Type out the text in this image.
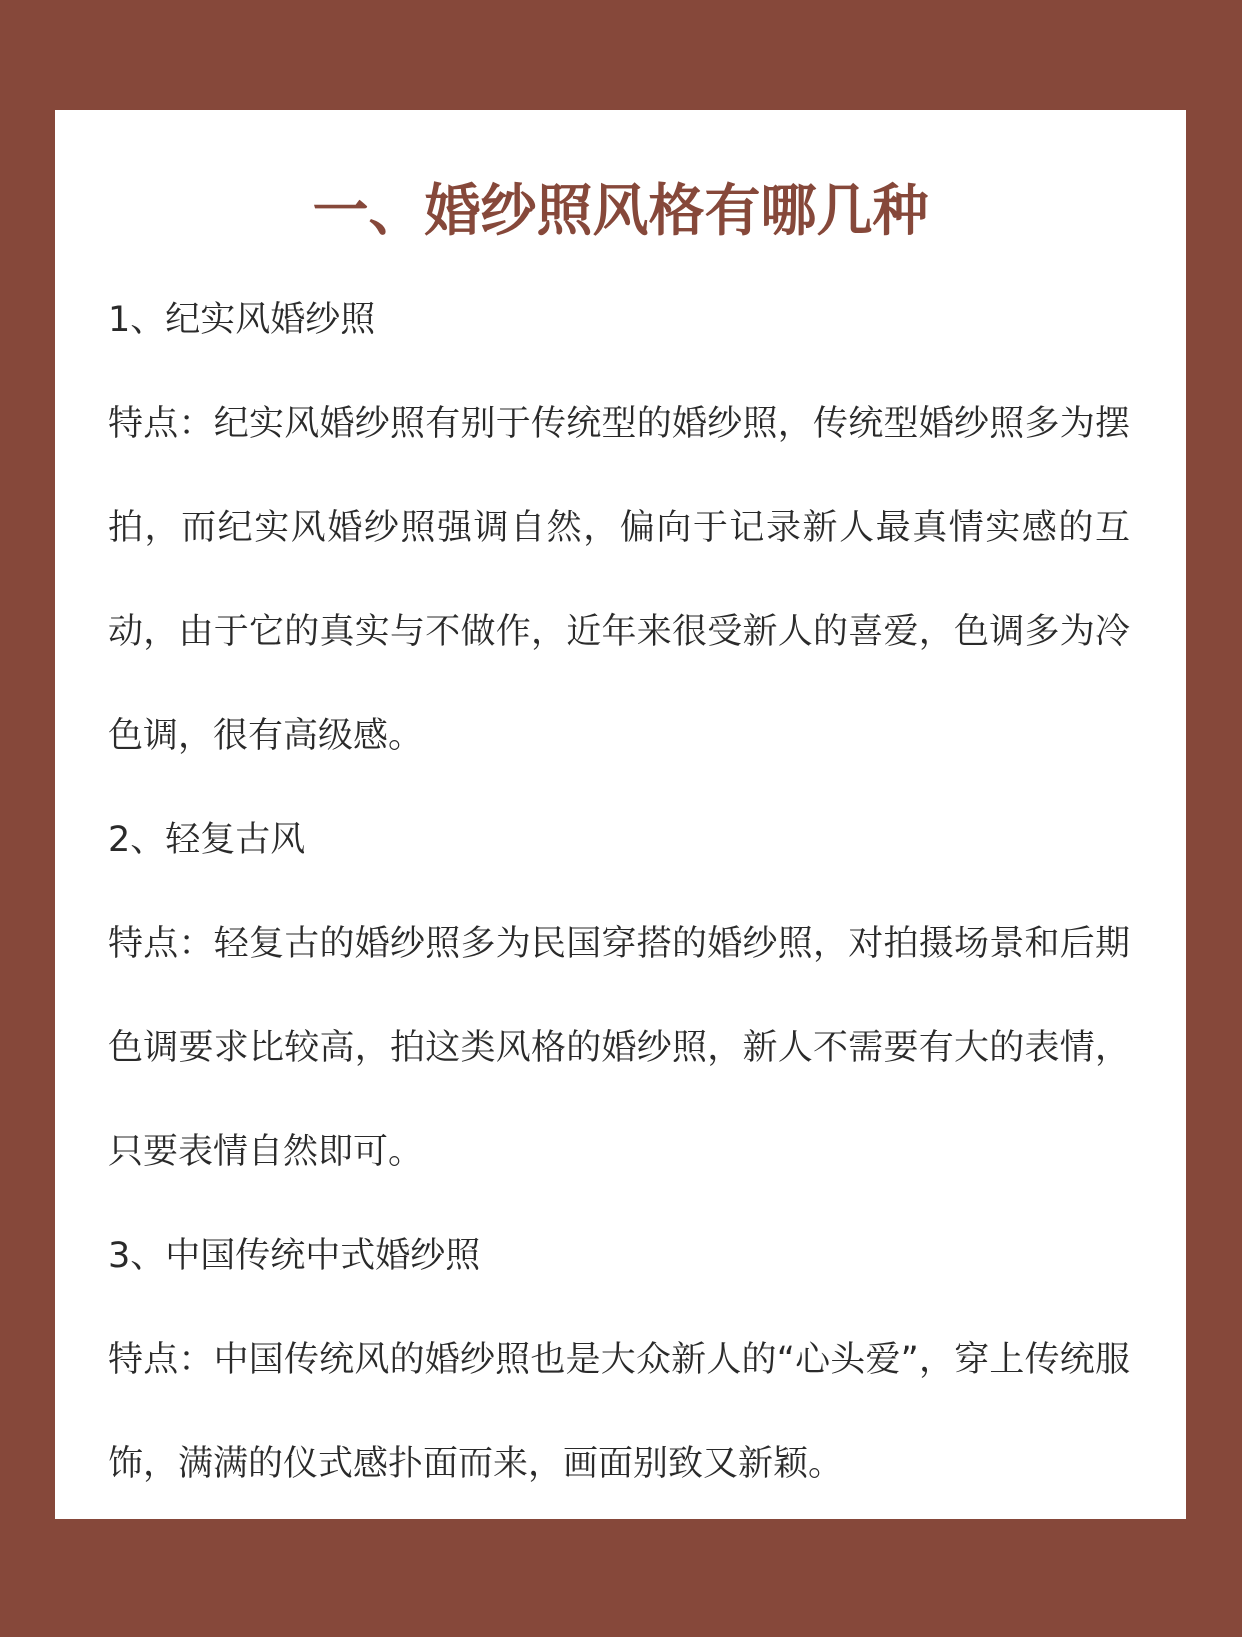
一、婚纱照风格有哪几种
1、纪实风婚纱照

特点：纪实风婚纱照有别于传统型的婚纱照，传统型婚纱照多为摆拍，而纪实风婚纱照强调自然，偏向于记录新人最真情实感的互动，由于它的真实与不做作，近年来很受新人的喜爱，色调多为冷色调，很有高级感。

2、轻复古风

特点：轻复古的婚纱照多为民国穿搭的婚纱照，对拍摄场景和后期色调要求比较高，拍这类风格的婚纱照，新人不需要有大的表情，只要表情自然即可。

3、中国传统中式婚纱照

特点：中国传统风的婚纱照也是大众新人的“心头爱”，穿上传统服饰，满满的仪式感扑面而来，画面别致又新颖。
